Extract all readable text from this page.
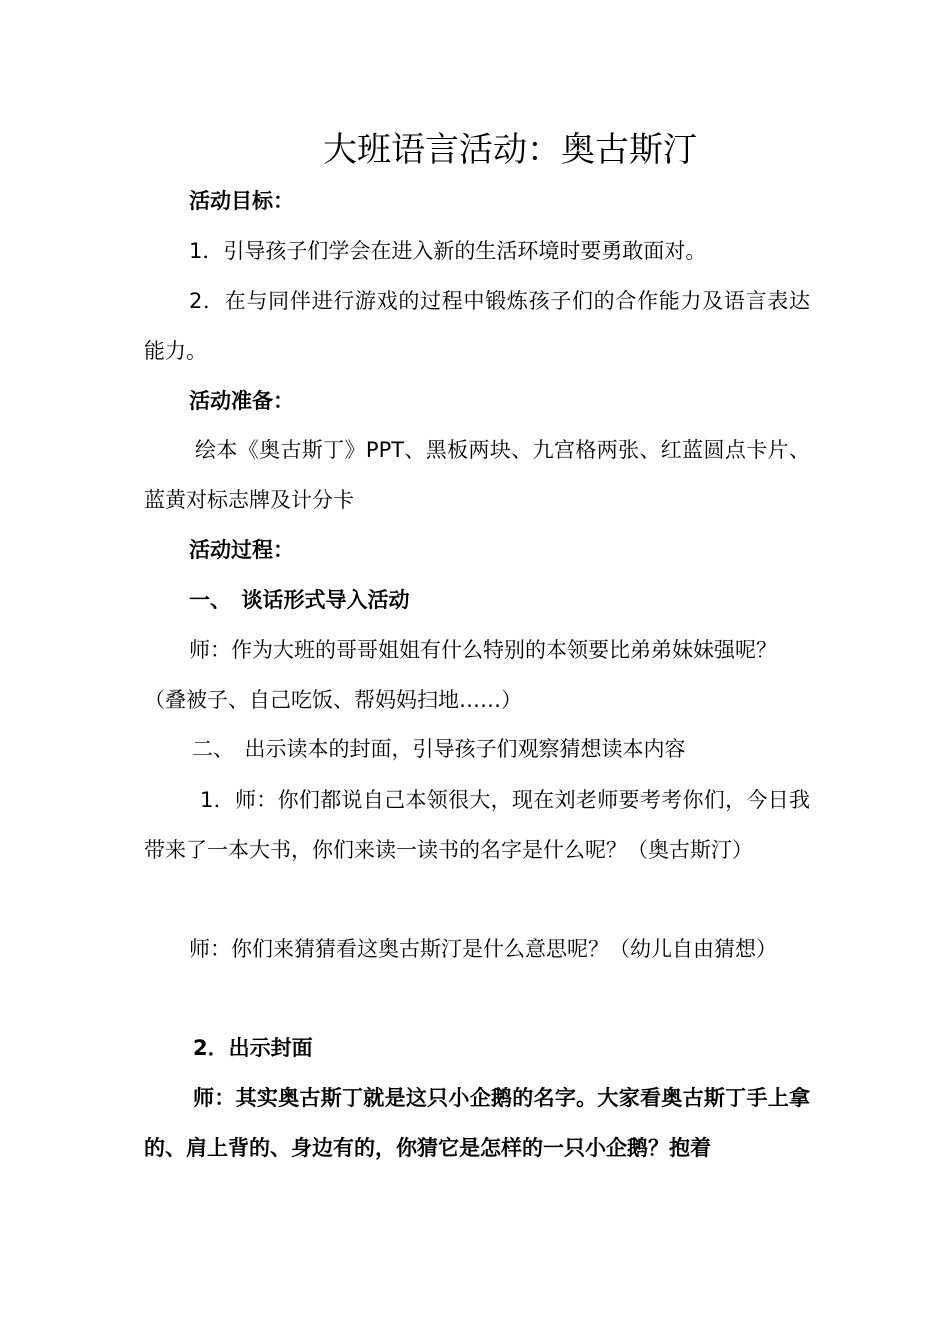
大班语言活动：奥古斯汀
活动目标：
1．引导孩子们学会在进入新的生活环境时要勇敢面对。
2．在与同伴进行游戏的过程中锻炼孩子们的合作能力及语言表达能力。
活动准备：
绘本《奥古斯丁》PPT、黑板两块、九宫格两张、红蓝圆点卡片、蓝黄对标志牌及计分卡
活动过程：
一、　谈话形式导入活动
师：作为大班的哥哥姐姐有什么特别的本领要比弟弟妹妹强呢？
（叠被子、自己吃饭、帮妈妈扫地……）
二、　出示读本的封面，引导孩子们观察猜想读本内容
1．师：你们都说自己本领很大，现在刘老师要考考你们，今日我带来了一本大书，你们来读一读书的名字是什么呢？（奥古斯汀）
师：你们来猜猜看这奥古斯汀是什么意思呢？（幼儿自由猜想）
2．出示封面
师：其实奥古斯丁就是这只小企鹅的名字。大家看奥古斯丁手上拿的、肩上背的、身边有的，你猜它是怎样的一只小企鹅？抱着
